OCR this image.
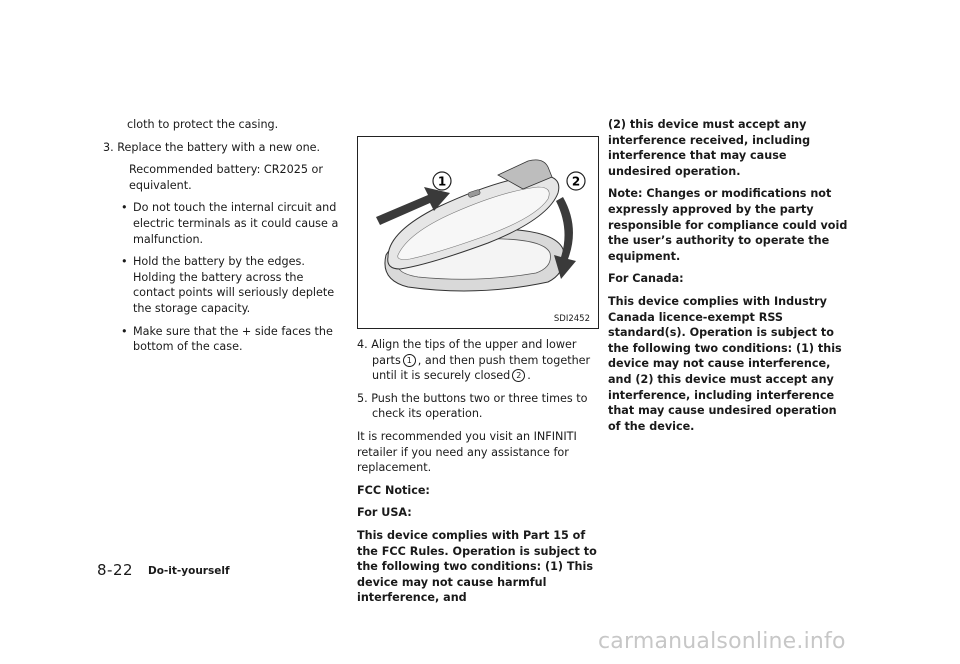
cloth to protect the casing.

3. Replace the battery with a new one.

Recommended battery: CR2025 or equivalent.

• Do not touch the internal circuit and electric terminals as it could cause a malfunction.

• Hold the battery by the edges. Holding the battery across the contact points will seriously deplete the storage capacity.

• Make sure that the + side faces the bottom of the case.

1	2
SDI2452

4. Align the tips of the upper and lower parts 1 , and then push them together until it is securely closed 2 .

5. Push the buttons two or three times to check its operation.

It is recommended you visit an INFINITI retailer if you need any assistance for replacement.

FCC Notice:

For USA:

This device complies with Part 15 of the FCC Rules. Operation is subject to the following two conditions: (1) This device may not cause harmful interference, and

(2) this device must accept any interference received, including interference that may cause undesired operation.

Note: Changes or modifications not expressly approved by the party responsible for compliance could void the user’s authority to operate the equipment.

For Canada:

This device complies with Industry Canada licence-exempt RSS standard(s). Operation is subject to the following two conditions: (1) this device may not cause interference, and (2) this device must accept any interference, including interference that may cause undesired operation of the device.

8-22 Do-it-yourself
carmanualsonline.info
